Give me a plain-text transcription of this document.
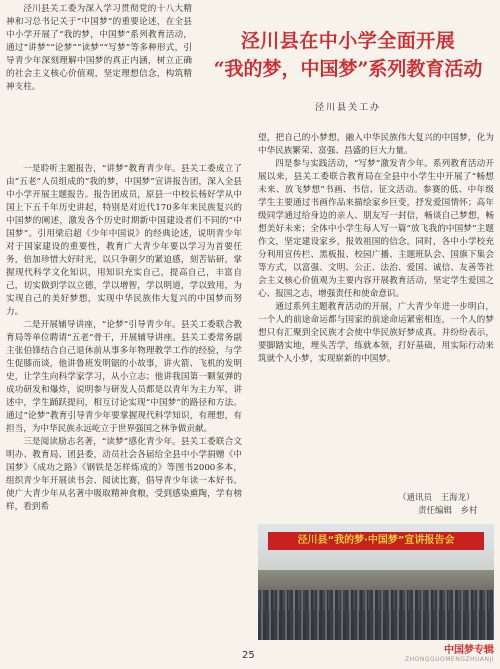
泾川县关工委为深入学习贯彻党的十八大精神和习总书记关于“中国梦”的重要论述，在全县中小学开展了“我的梦，中国梦”系列教育活动，通过“讲梦”“论梦”“读梦”“写梦”等多种形式，引导青少年深刻理解中国梦的真正内涵，树立正确的社会主义核心价值观，坚定理想信念，构筑精神支柱。

泾川县在中小学全面开展
“我的梦，中国梦”系列教育活动
泾川县关工办

一是聆听主题报告，“讲梦”教育青少年。县关工委成立了由“五老”人员组成的“我的梦，中国梦”宣讲报告团，深入全县中小学开展主题报告。报告团成员，原县一中校长杨好学从中国上下五千年历史讲起，特别是对近代170多年来民族复兴的中国梦的阐述，激发各个历史时期新中国建设者们不同的“中国梦”。引用梁启超《少年中国说》的经典论述，说明青少年对于国家建设的重要性，教育广大青少年要以学习为首要任务，倍加珍惜大好时光，以只争朝夕的紧迫感，刻苦钻研，掌握现代科学文化知识，用知识充实自己，提高自己，丰富自己，切实做到学以立德，学以增智，学以明道，学以致用，为实现自己的美好梦想，实现中华民族伟大复兴的中国梦而努力。

二是开展辅导讲座，“论梦”引导青少年。县关工委联合教育局等单位聘请“五老”骨干，开展辅导讲座。县关工委常务副主张伯锋结合自己退休前从事多年物理教学工作的经验，与学生促膝而谈，他讲鲁班发明锯的小故事，讲火箭、飞机的发明史，让学生向科学家学习，从小立志；他讲我国第一颗氢弹的成功研发和爆炸，说明参与研发人员都是以青年为主力军，讲述中，学生踊跃提问，相互讨论实现“中国梦”的路径和方法。通过“论梦”教育引导青少年要掌握现代科学知识，有理想，有担当，为中华民族永远屹立于世界强国之林争做贡献。

三是阅读励志名著，“读梦”感化青少年。县关工委联合文明办、教育局、团县委，动员社会各届给全县中小学捐赠《中国梦》《成功之路》《钢铁是怎样炼成的》等图书2000多本，组织青少年开展读书会、阅读比赛，倡导青少年读一本好书。使广大青少年从名著中吸取精神食粮，受到感染熏陶，学有榜样，看到希

望，把自己的小梦想，融入中华民族伟大复兴的中国梦，化为中华民族繁荣、富强、昌盛的巨大力量。

四是参与实践活动，“写梦”激发青少年。系列教育活动开展以来，县关工委联合教育局在全县中小学生中开展了“畅想未来、放飞梦想”书画、书信、征文活动。参赛的低、中年级学生主要通过书画作品来描绘家乡巨变，抒发爱国情怀；高年级同学通过给身边的亲人、朋友写一封信，畅谈自己梦想，畅想美好未来；全体中小学生每人写一篇“放飞我的中国梦”主题作文，坚定建设家乡，报效祖国的信念。同时，各中小学校充分利用宣传栏、黑板报、校园广播、主题班队会、国旗下集会等方式，以富强、文明、公正、法治、爱国、诚信、友善等社会主义核心价值观为主要内容开展教育活动，坚定学生爱国之心、报国之志，增强责任和使命意识。

通过系列主题教育活动的开展，广大青少年进一步明白，一个人的前途命运都与国家的前途命运紧密相连，一个人的梦想只有汇聚到全民族才会使中华民族好梦成真。并纷纷表示，要脚踏实地，埋头苦学，练就本领，打好基础，用实际行动来筑就个人小梦，实现崭新的中国梦。

（通讯员　王海龙）
责任编辑　乡村
泾川县“我的梦·中国梦”宣讲报告会
25	中国梦专辑
ZHONGGUOMENGZHUANJI
